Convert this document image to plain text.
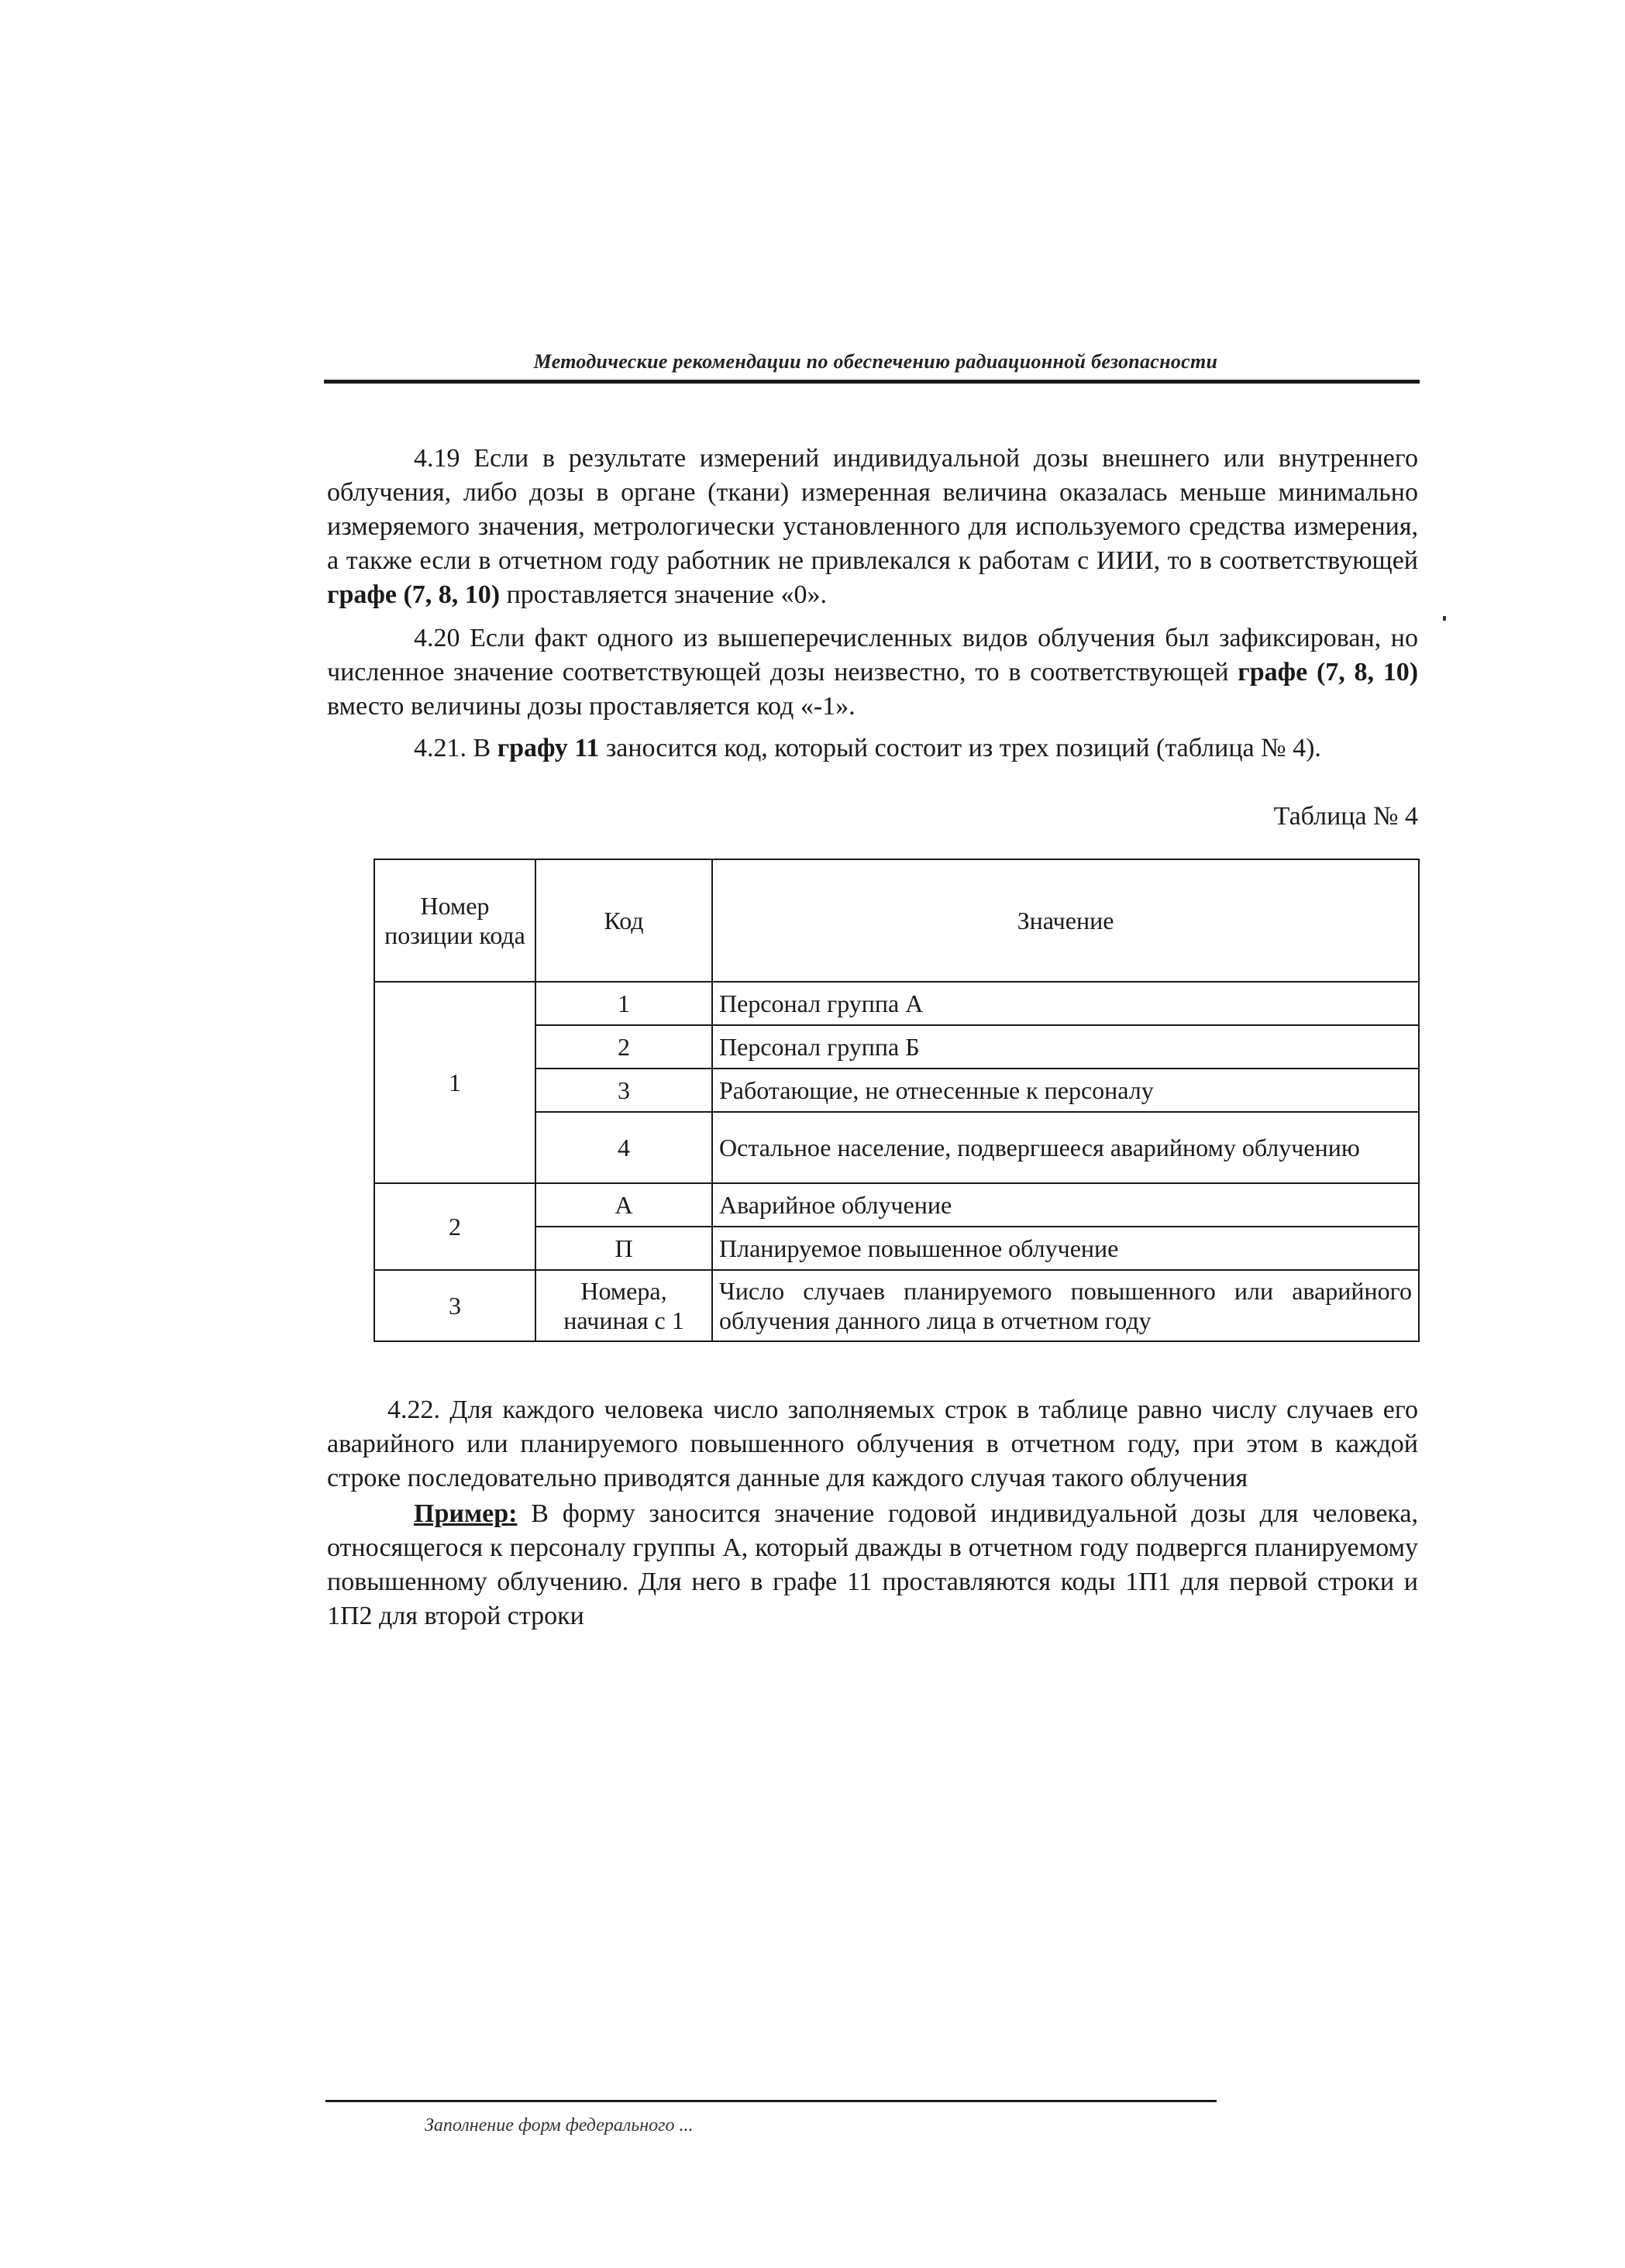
Методические рекомендации по обеспечению радиационной безопасности

4.19 Если в результате измерений индивидуальной дозы внешнего или внутреннего облучения, либо дозы в органе (ткани) измеренная величина оказалась меньше минимально измеряемого значения, метрологически установленного для используемого средства измерения, а также если в отчетном году работник не привлекался к работам с ИИИ, то в соответствующей графе (7, 8, 10) проставляется значение «0».

4.20 Если факт одного из вышеперечисленных видов облучения был зафиксирован, но численное значение соответствующей дозы неизвестно, то в соответствующей графе (7, 8, 10) вместо величины дозы проставляется код «-1».

4.21. В графу 11 заносится код, который состоит из трех позиций (таблица № 4).

Таблица № 4
Номер позиции кода	Код	Значение
1	1	Персонал группа А
	2	Персонал группа Б
	3	Работающие, не отнесенные к персоналу
	4	Остальное население, подвергшееся аварийному облучению
2	А	Аварийное облучение
	П	Планируемое повышенное облучение
3	Номера, начиная с 1	Число случаев планируемого повышенного или аварийного облучения данного лица в отчетном году

4.22. Для каждого человека число заполняемых строк в таблице равно числу случаев его аварийного или планируемого повышенного облучения в отчетном году, при этом в каждой строке последовательно приводятся данные для каждого случая такого облучения

Пример: В форму заносится значение годовой индивидуальной дозы для человека, относящегося к персоналу группы А, который дважды в отчетном году подвергся планируемому повышенному облучению. Для него в графе 11 проставляются коды 1П1 для первой строки и 1П2 для второй строки

Заполнение форм федерального ...
